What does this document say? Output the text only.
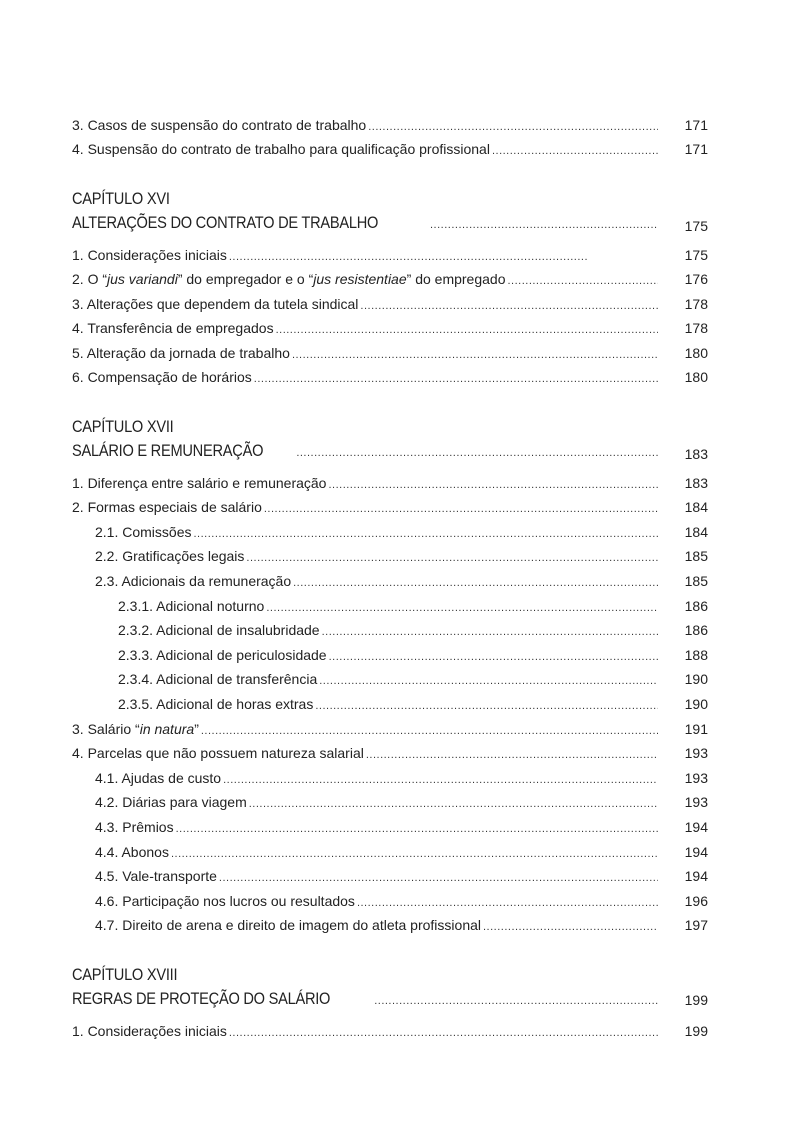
3. Casos de suspensão do contrato de trabalho .....	171
4. Suspensão do contrato de trabalho para qualificação profissional .....	171
CAPÍTULO XVI
ALTERAÇÕES DO CONTRATO DE TRABALHO .....	175
1. Considerações iniciais .....	175
2. O “jus variandi” do empregador e o “jus resistentiae” do empregado .....	176
3. Alterações que dependem da tutela sindical .....	178
4. Transferência de empregados .....	178
5. Alteração da jornada de trabalho .....	180
6. Compensação de horários .....	180
CAPÍTULO XVII
SALÁRIO E REMUNERAÇÃO .....	183
1. Diferença entre salário e remuneração .....	183
2. Formas especiais de salário .....	184
2.1. Comissões .....	184
2.2. Gratificações legais .....	185
2.3. Adicionais da remuneração .....	185
2.3.1. Adicional noturno .....	186
2.3.2. Adicional de insalubridade .....	186
2.3.3. Adicional de periculosidade .....	188
2.3.4. Adicional de transferência .....	190
2.3.5. Adicional de horas extras .....	190
3. Salário “in natura” .....	191
4. Parcelas que não possuem natureza salarial .....	193
4.1. Ajudas de custo .....	193
4.2. Diárias para viagem .....	193
4.3. Prêmios .....	194
4.4. Abonos .....	194
4.5. Vale-transporte .....	194
4.6. Participação nos lucros ou resultados .....	196
4.7. Direito de arena e direito de imagem do atleta profissional .....	197
CAPÍTULO XVIII
REGRAS DE PROTEÇÃO DO SALÁRIO .....	199
1. Considerações iniciais .....	199
